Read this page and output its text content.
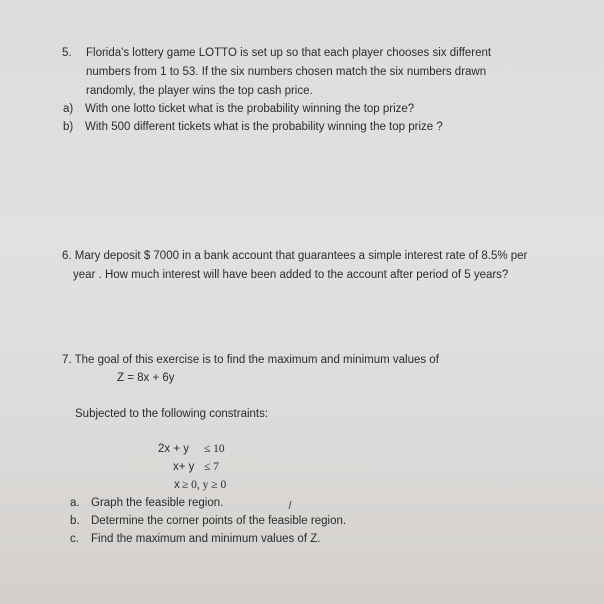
5. Florida's lottery game LOTTO is set up so that each player chooses six different
numbers from 1 to 53. If the six numbers chosen match the six numbers drawn
randomly, the player wins the top cash price.
a) With one lotto ticket what is the probability winning the top prize?
b) With 500 different tickets what is the probability winning the top prize ?
6. Mary deposit $ 7000 in a bank account that guarantees a simple interest rate of 8.5% per
year . How much interest will have been added to the account after period of 5 years?
7. The goal of this exercise is to find the maximum and minimum values of
Z = 8x + 6y
Subjected to the following constraints:
2x + y ≤ 10
x+ y ≤ 7
x ≥ 0, y ≥ 0
a. Graph the feasible region.
b. Determine the corner points of the feasible region.
c. Find the maximum and minimum values of Z.
